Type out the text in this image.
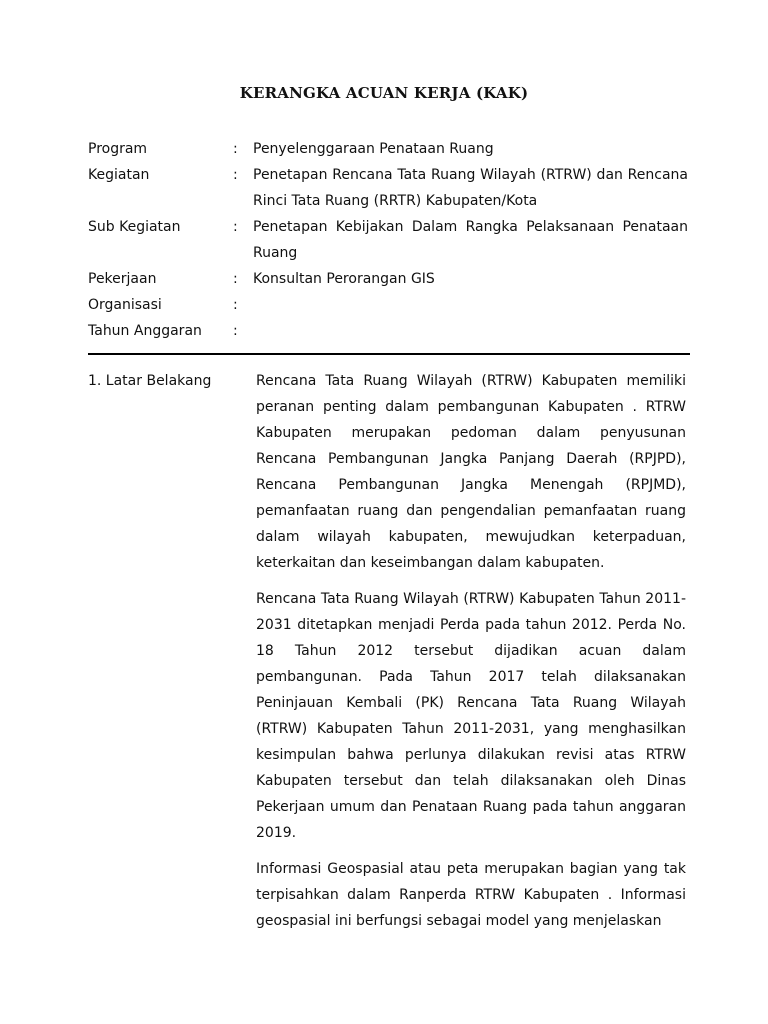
KERANGKA ACUAN KERJA (KAK)
Program	:	Penyelenggaraan Penataan Ruang
Kegiatan	:	Penetapan Rencana Tata Ruang Wilayah (RTRW) dan Rencana Rinci Tata Ruang (RRTR) Kabupaten/Kota
Sub Kegiatan	:	Penetapan Kebijakan Dalam Rangka Pelaksanaan Penataan Ruang
Pekerjaan	:	Konsultan Perorangan GIS
Organisasi	:
Tahun Anggaran	:
1. Latar Belakang	Rencana Tata Ruang Wilayah (RTRW) Kabupaten memiliki peranan penting dalam pembangunan Kabupaten . RTRW Kabupaten merupakan pedoman dalam penyusunan Rencana Pembangunan Jangka Panjang Daerah (RPJPD), Rencana Pembangunan Jangka Menengah (RPJMD), pemanfaatan ruang dan pengendalian pemanfaatan ruang dalam wilayah kabupaten, mewujudkan keterpaduan, keterkaitan dan keseimbangan dalam kabupaten.

Rencana Tata Ruang Wilayah (RTRW) Kabupaten Tahun 2011-2031 ditetapkan menjadi Perda pada tahun 2012. Perda No. 18 Tahun 2012 tersebut dijadikan acuan dalam pembangunan. Pada Tahun 2017 telah dilaksanakan Peninjauan Kembali (PK) Rencana Tata Ruang Wilayah (RTRW) Kabupaten Tahun 2011-2031, yang menghasilkan kesimpulan bahwa perlunya dilakukan revisi atas RTRW Kabupaten tersebut dan telah dilaksanakan oleh Dinas Pekerjaan umum dan Penataan Ruang pada tahun anggaran 2019.

Informasi Geospasial atau peta merupakan bagian yang tak terpisahkan dalam Ranperda RTRW Kabupaten . Informasi geospasial ini berfungsi sebagai model yang menjelaskan
